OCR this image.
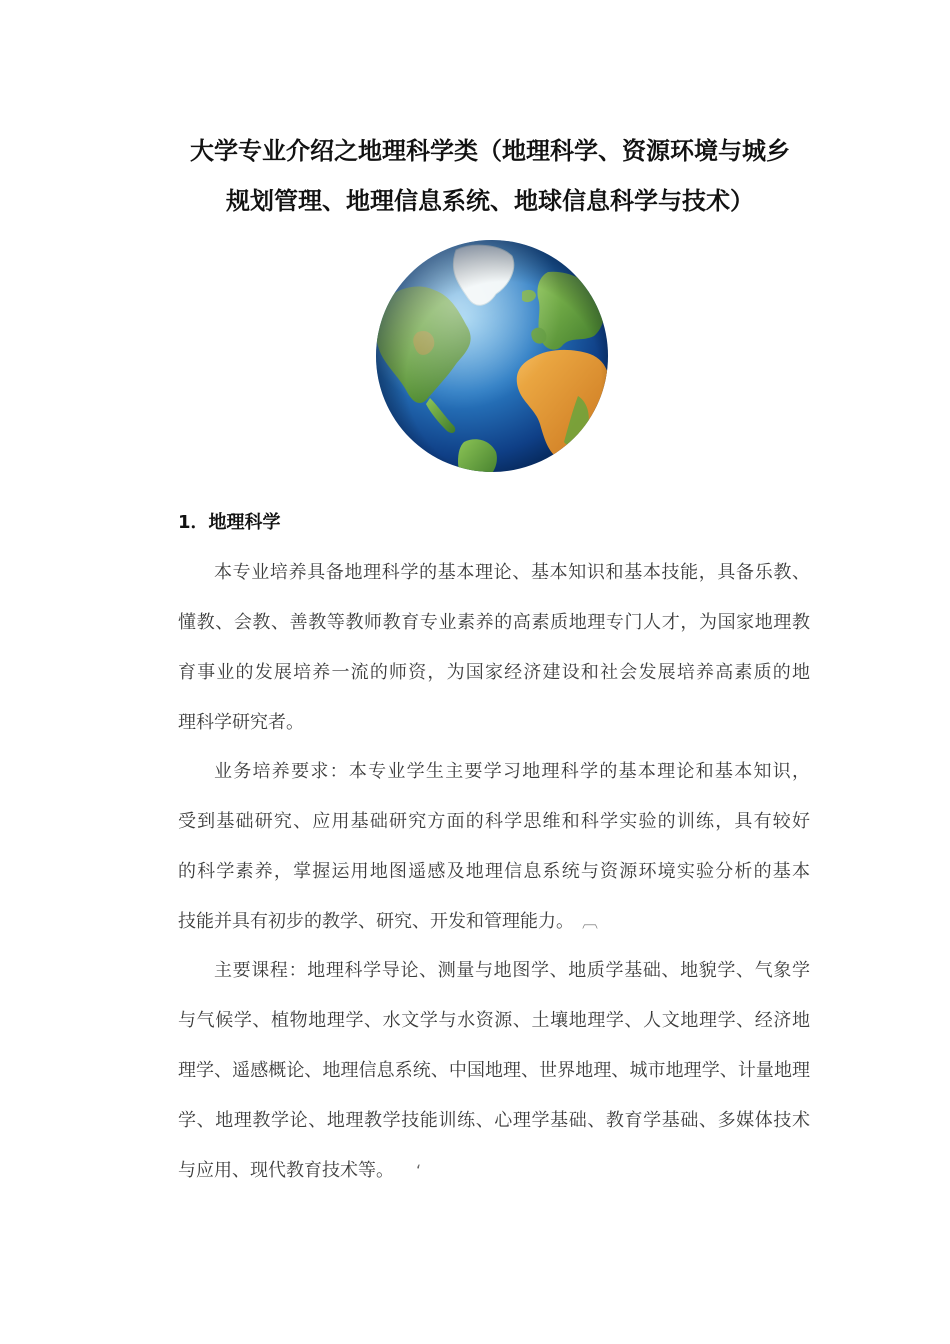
大学专业介绍之地理科学类（地理科学、资源环境与城乡
规划管理、地理信息系统、地球信息科学与技术）
1．地理科学
本专业培养具备地理科学的基本理论、基本知识和基本技能，具备乐教、
懂教、会教、善教等教师教育专业素养的高素质地理专门人才，为国家地理教
育事业的发展培养一流的师资，为国家经济建设和社会发展培养高素质的地
理科学研究者。
业务培养要求：本专业学生主要学习地理科学的基本理论和基本知识，
受到基础研究、应用基础研究方面的科学思维和科学实验的训练，具有较好
的科学素养，掌握运用地图遥感及地理信息系统与资源环境实验分析的基本
技能并具有初步的教学、研究、开发和管理能力。 ︹
主要课程：地理科学导论、测量与地图学、地质学基础、地貌学、气象学
与气候学、植物地理学、水文学与水资源、土壤地理学、人文地理学、经济地
理学、遥感概论、地理信息系统、中国地理、世界地理、城市地理学、计量地理
学、地理教学论、地理教学技能训练、心理学基础、教育学基础、多媒体技术
与应用、现代教育技术等。 ‘
